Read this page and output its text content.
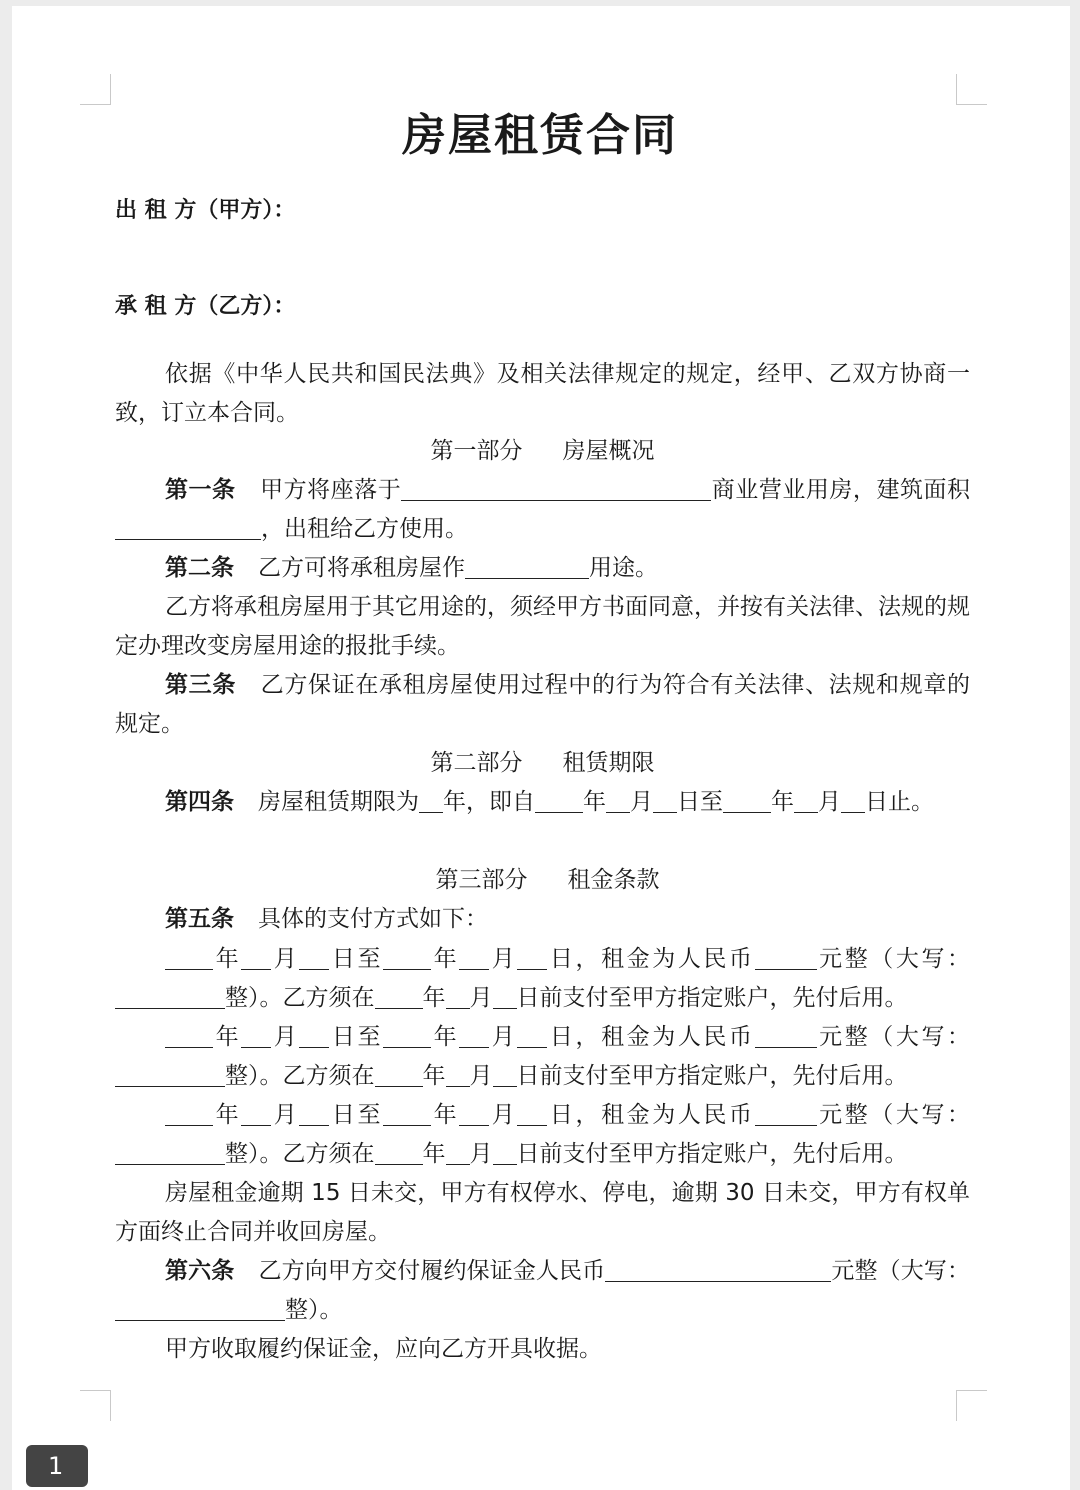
房屋租赁合同
出 租 方（甲方）：
承 租 方（乙方）：
依据《中华人民共和国民法典》及相关法律规定的规定，经甲、乙双方协商一致，订立本合同。
第一部分 房屋概况
第一条 甲方将座落于	商业营业用房，建筑面积，出租给乙方使用。
第二条 乙方可将承租房屋作	用途。
乙方将承租房屋用于其它用途的，须经甲方书面同意，并按有关法律、法规的规定办理改变房屋用途的报批手续。
第三条 乙方保证在承租房屋使用过程中的行为符合有关法律、法规和规章的规定。
第二部分 租赁期限
第四条 房屋租赁期限为 年，即自 年 月 日至 年 月 日止。
第三部分 租金条款
第五条 具体的支付方式如下：
年 月 日至 年 月 日，租金为人民币	元整（大写：整）。乙方须在 年 月 日前支付至甲方指定账户，先付后用。
年 月 日至 年 月 日，租金为人民币	元整（大写：整）。乙方须在 年 月 日前支付至甲方指定账户，先付后用。
年 月 日至 年 月 日，租金为人民币	元整（大写：整）。乙方须在 年 月 日前支付至甲方指定账户，先付后用。
房屋租金逾期 15 日未交，甲方有权停水、停电，逾期 30 日未交，甲方有权单方面终止合同并收回房屋。
第六条 乙方向甲方交付履约保证金人民币	元整（大写：整）。
甲方收取履约保证金，应向乙方开具收据。
1
